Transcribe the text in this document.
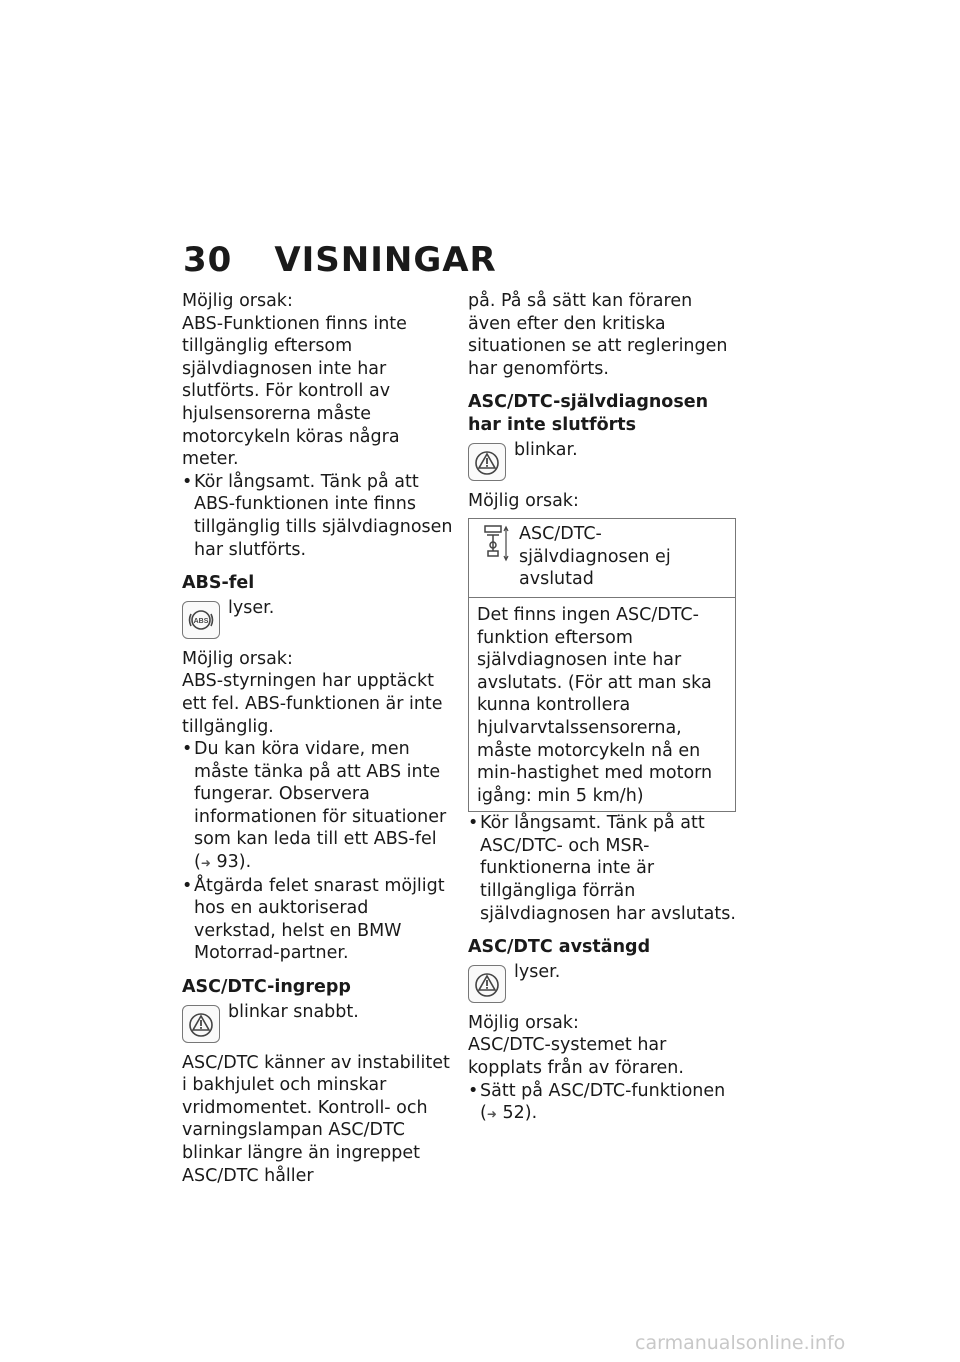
30 VISNINGAR

Möjlig orsak:

ABS-Funktionen finns inte tillgänglig eftersom självdiagnosen inte har slutförts. För kontroll av hjulsensorerna måste motorcykeln köras några meter.

• Kör långsamt. Tänk på att ABS-funktionen inte finns tillgänglig tills självdiagnosen har slutförts.

ABS-fel

ABS
lyser.

Möjlig orsak:

ABS-styrningen har upptäckt ett fel. ABS-funktionen är inte tillgänglig.

• Du kan köra vidare, men måste tänka på att ABS inte fungerar. Observera informationen för situationer som kan leda till ett ABS-fel (➜ 93).
• Åtgärda felet snarast möjligt hos en auktoriserad verkstad, helst en BMW Motorrad-partner.

ASC/DTC-ingrepp

blinkar snabbt.

ASC/DTC känner av instabilitet i bakhjulet och minskar vridmomentet. Kontroll- och varningslampan ASC/DTC blinkar längre än ingreppet ASC/DTC håller

på. På så sätt kan föraren även efter den kritiska situationen se att regleringen har genomförts.

ASC/DTC-självdiagnosen har inte slutförts

blinkar.

Möjlig orsak:

ASC/DTC-självdiagnosen ej avslutad
Det finns ingen ASC/DTC-funktion eftersom självdiagnosen inte har avslutats. (För att man ska kunna kontrollera hjulvarvtalssensorerna, måste motorcykeln nå en min-hastighet med motorn igång: min 5 km/h)
• Kör långsamt. Tänk på att ASC/DTC- och MSR-funktionerna inte är tillgängliga förrän självdiagnosen har avslutats.

ASC/DTC avstängd

lyser.

Möjlig orsak:

ASC/DTC-systemet har kopplats från av föraren.

• Sätt på ASC/DTC-funktionen (➜ 52).
carmanualsonline.info
